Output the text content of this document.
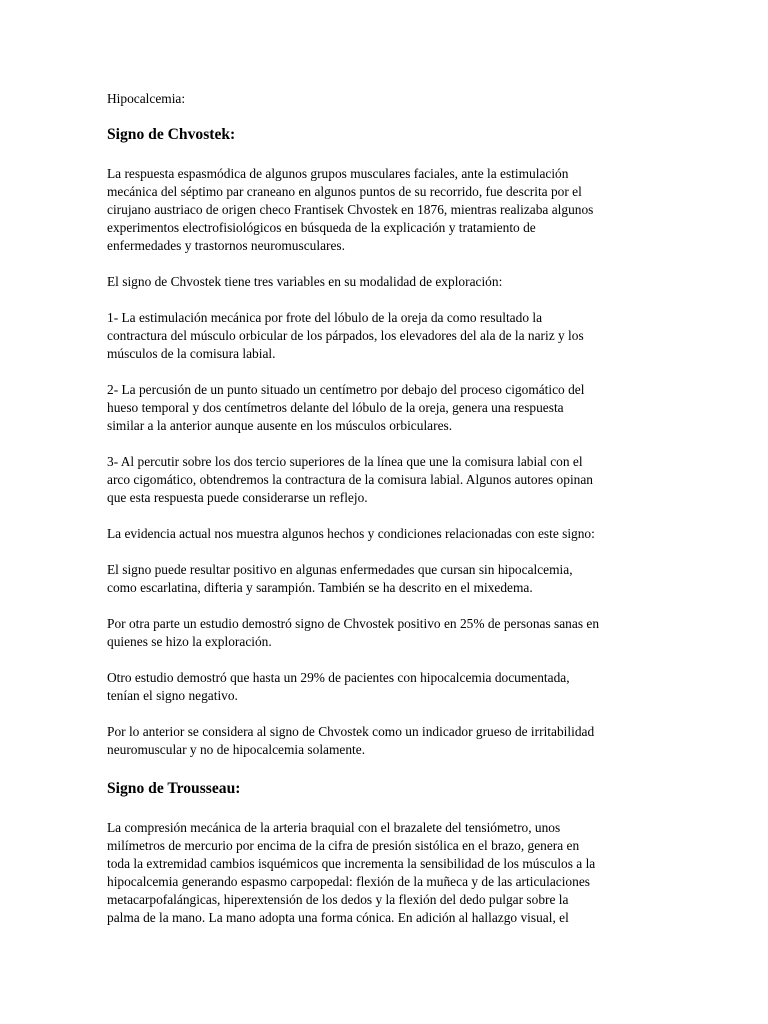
Hipocalcemia:

Signo de Chvostek:

La respuesta espasmódica de algunos grupos musculares faciales, ante la estimulación
mecánica del séptimo par craneano en algunos puntos de su recorrido, fue descrita por el
cirujano austriaco de origen checo Frantisek Chvostek en 1876, mientras realizaba algunos
experimentos electrofisiológicos en búsqueda de la explicación y tratamiento de
enfermedades y trastornos neuromusculares.

El signo de Chvostek tiene tres variables en su modalidad de exploración:

1- La estimulación mecánica por frote del lóbulo de la oreja da como resultado la
contractura del músculo orbicular de los párpados, los elevadores del ala de la nariz y los
músculos de la comisura labial.

2- La percusión de un punto situado un centímetro por debajo del proceso cigomático del
hueso temporal y dos centímetros delante del lóbulo de la oreja, genera una respuesta
similar a la anterior aunque ausente en los músculos orbiculares.

3- Al percutir sobre los dos tercio superiores de la línea que une la comisura labial con el
arco cigomático, obtendremos la contractura de la comisura labial. Algunos autores opinan
que esta respuesta puede considerarse un reflejo.

La evidencia actual nos muestra algunos hechos y condiciones relacionadas con este signo:

El signo puede resultar positivo en algunas enfermedades que cursan sin hipocalcemia,
como escarlatina, difteria y sarampión. También se ha descrito en el mixedema.

Por otra parte un estudio demostró signo de Chvostek positivo en 25% de personas sanas en
quienes se hizo la exploración.

Otro estudio demostró que hasta un 29% de pacientes con hipocalcemia documentada,
tenían el signo negativo.

Por lo anterior se considera al signo de Chvostek como un indicador grueso de irritabilidad
neuromuscular y no de hipocalcemia solamente.

Signo de Trousseau:

La compresión mecánica de la arteria braquial con el brazalete del tensiómetro, unos
milímetros de mercurio por encima de la cifra de presión sistólica en el brazo, genera en
toda la extremidad cambios isquémicos que incrementa la sensibilidad de los músculos a la
hipocalcemia generando espasmo carpopedal: flexión de la muñeca y de las articulaciones
metacarpofalángicas, hiperextensión de los dedos y la flexión del dedo pulgar sobre la
palma de la mano. La mano adopta una forma cónica. En adición al hallazgo visual, el
